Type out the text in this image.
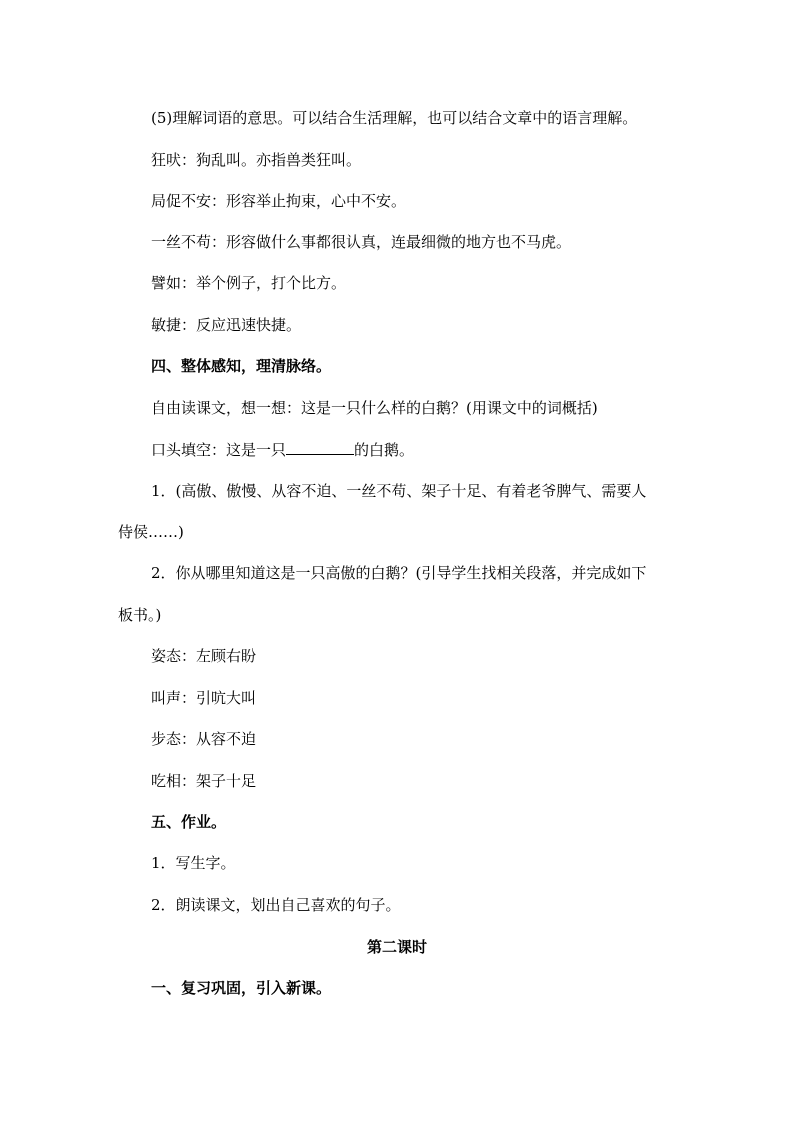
(5)理解词语的意思。可以结合生活理解，也可以结合文章中的语言理解。
狂吠：狗乱叫。亦指兽类狂叫。
局促不安：形容举止拘束，心中不安。
一丝不苟：形容做什么事都很认真，连最细微的地方也不马虎。
譬如：举个例子，打个比方。
敏捷：反应迅速快捷。
四、整体感知，理清脉络。
自由读课文，想一想：这是一只什么样的白鹅？(用课文中的词概括)
口头填空：这是一只	的白鹅。
1．(高傲、傲慢、从容不迫、一丝不苟、架子十足、有着老爷脾气、需要人
侍侯……)
2．你从哪里知道这是一只高傲的白鹅？(引导学生找相关段落，并完成如下
板书。)
姿态：左顾右盼
叫声：引吭大叫
步态：从容不迫
吃相：架子十足
五、作业。
1．写生字。
2．朗读课文，划出自己喜欢的句子。
第二课时
一、复习巩固，引入新课。
